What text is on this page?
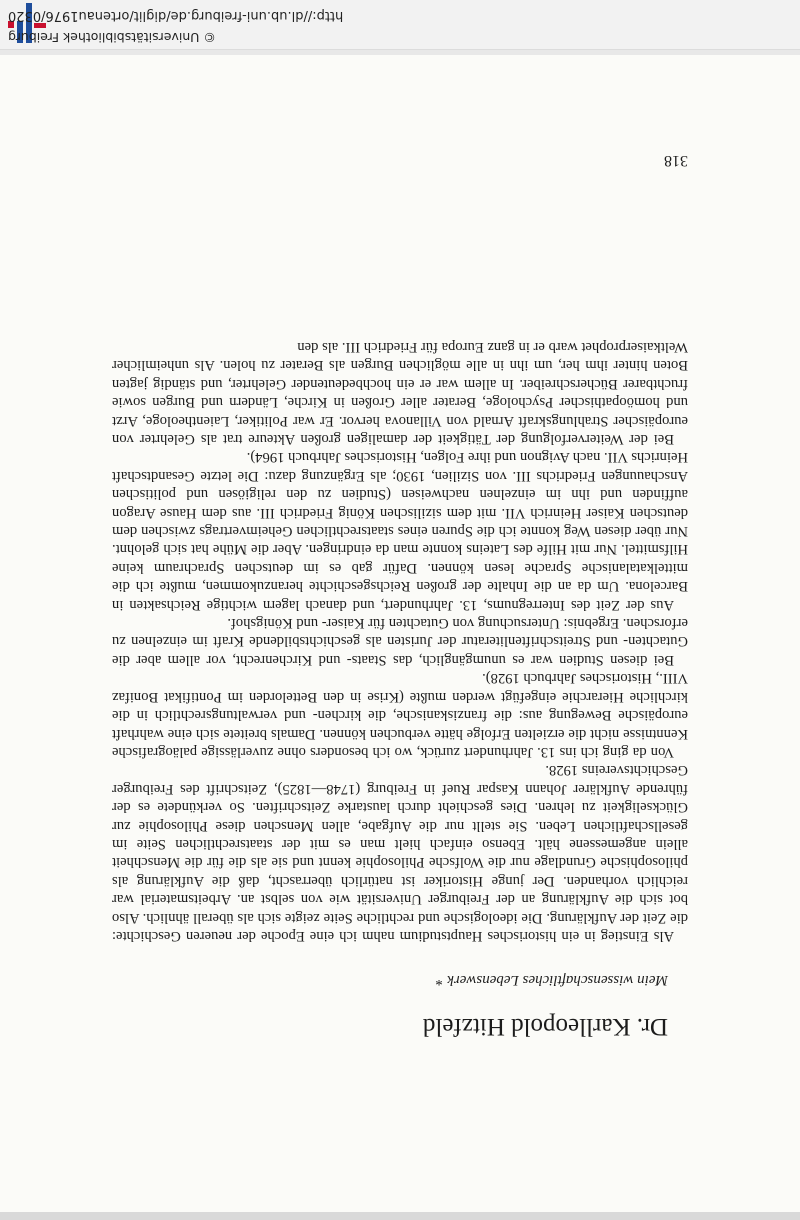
Dr. Karlleopold Hitzfeld
Mein wissenschaftliches Lebenswerk *

Als Einstieg in ein historisches Hauptstudium nahm ich eine Epoche der neueren Geschichte: die Zeit der Aufklärung. Die ideologische und rechtliche Seite zeigte sich als überall ähnlich. Also bot sich die Aufklärung an der Freiburger Universität wie von selbst an. Arbeitsmaterial war reichlich vorhanden. Der junge Historiker ist natürlich überrascht, daß die Aufklärung als philosophische Grundlage nur die Wolfsche Philosophie kennt und sie als die für die Menschheit allein angemessene hält. Ebenso einfach hielt man es mit der staatsrechtlichen Seite im gesellschaftlichen Leben. Sie stellt nur die Aufgabe, allen Menschen diese Philosophie zur Glückseligkeit zu lehren. Dies geschieht durch laustarke Zeitschriften. So verkündete es der führende Aufklärer Johann Kaspar Ruef in Freiburg (1748—1825), Zeitschrift des Freiburger Geschichtsvereins 1928.

Von da ging ich ins 13. Jahrhundert zurück, wo ich besonders ohne zuverlässige paläografische Kenntnisse nicht die erzielten Erfolge hätte verbuchen können. Damals breitete sich eine wahrhaft europäische Bewegung aus: die franziskanische, die kirchen- und verwaltungsrechtlich in die kirchliche Hierarchie eingefügt werden mußte (Krise in den Bettelorden im Pontifikat Bonifaz VIII., Historisches Jahrbuch 1928).

Bei diesen Studien war es unumgänglich, das Staats- und Kirchenrecht, vor allem aber die Gutachten- und Streitschriftenliteratur der Juristen als geschichtsbildende Kraft im einzelnen zu erforschen. Ergebnis: Untersuchung von Gutachten für Kaiser- und Königshof.

Aus der Zeit des Interregnums, 13. Jahrhundert, und danach lagern wichtige Reichsakten in Barcelona. Um da an die Inhalte der großen Reichsgeschichte heranzukommen, mußte ich die mittelkatalanische Sprache lesen können. Dafür gab es im deutschen Sprachraum keine Hilfsmittel. Nur mit Hilfe des Lateins konnte man da eindringen. Aber die Mühe hat sich gelohnt. Nur über diesen Weg konnte ich die Spuren eines staatsrechtlichen Geheimvertrags zwischen dem deutschen Kaiser Heinrich VII. mit dem sizilischen König Friedrich III. aus dem Hause Aragon auffinden und ihn im einzelnen nachweisen (Studien zu den religiösen und politischen Anschauungen Friedrichs III. von Sizilien, 1930; als Ergänzung dazu: Die letzte Gesandtschaft Heinrichs VII. nach Avignon und ihre Folgen, Historisches Jahrbuch 1964).

Bei der Weiterverfolgung der Tätigkeit der damaligen großen Akteure trat als Gelehrter von europäischer Strahlungskraft Arnald von Villanova hervor. Er war Politiker, Laientheologe, Arzt und homöopathischer Psychologe, Berater aller Großen in Kirche, Ländern und Burgen sowie fruchtbarer Bücherschreiber. In allem war er ein hochbedeutender Gelehrter, und ständig jagten Boten hinter ihm her, um ihn in alle möglichen Burgen als Berater zu holen. Als unheimlicher Weltkaiserprophet warb er in ganz Europa für Friedrich III. als den

318
© Universitätsbibliothek Freiburg
http://dl.ub.uni-freiburg.de/diglit/ortenau1976/0320
